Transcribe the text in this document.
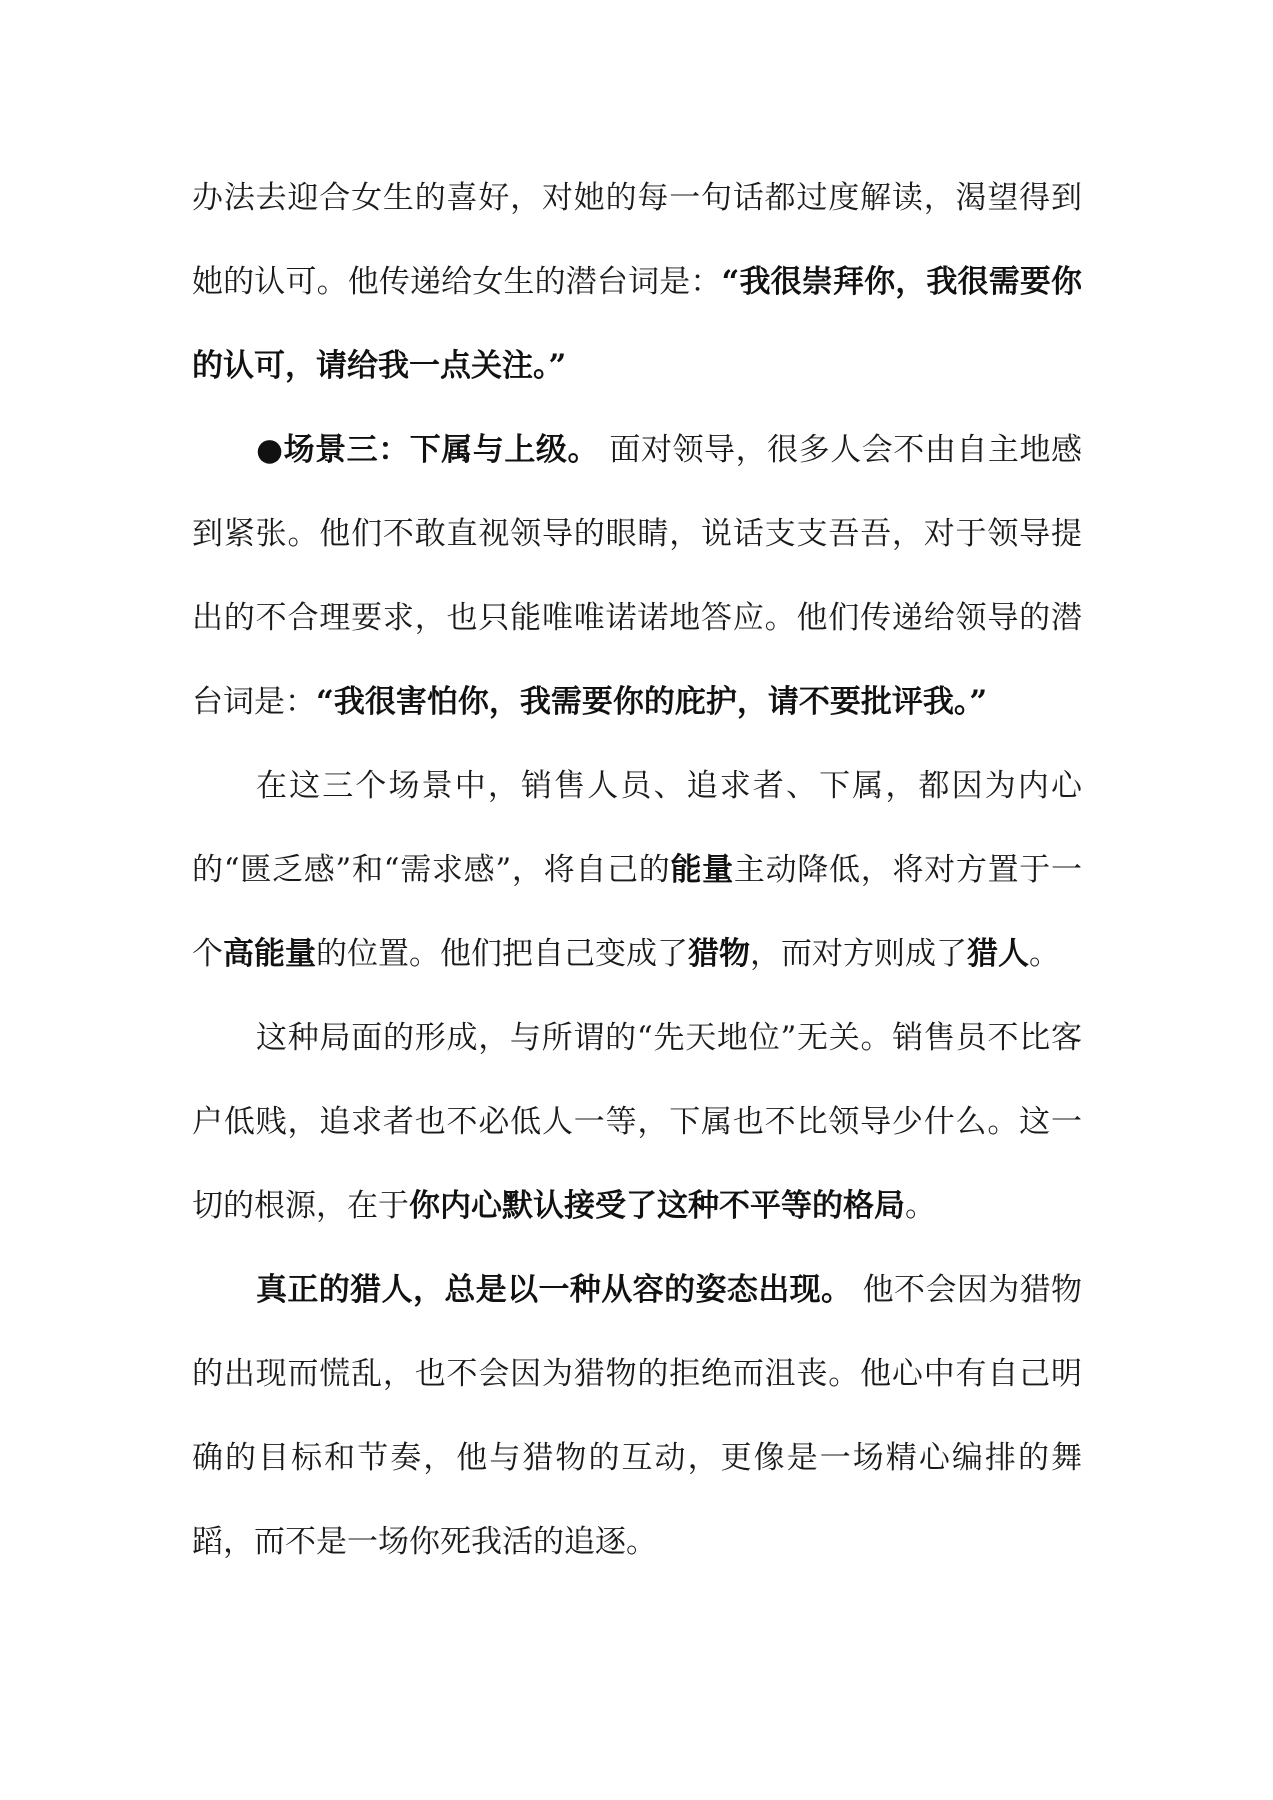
办法去迎合女生的喜好，对她的每一句话都过度解读，渴望得到她的认可。他传递给女生的潜台词是：“我很崇拜你，我很需要你的认可，请给我一点关注。”

●场景三：下属与上级。 面对领导，很多人会不由自主地感到紧张。他们不敢直视领导的眼睛，说话支支吾吾，对于领导提出的不合理要求，也只能唯唯诺诺地答应。他们传递给领导的潜台词是：“我很害怕你，我需要你的庇护，请不要批评我。”

在这三个场景中，销售人员、追求者、下属，都因为内心的“匮乏感”和“需求感”，将自己的能量主动降低，将对方置于一个高能量的位置。他们把自己变成了猎物，而对方则成了猎人。

这种局面的形成，与所谓的“先天地位”无关。销售员不比客户低贱，追求者也不必低人一等，下属也不比领导少什么。这一切的根源，在于你内心默认接受了这种不平等的格局。

真正的猎人，总是以一种从容的姿态出现。 他不会因为猎物的出现而慌乱，也不会因为猎物的拒绝而沮丧。他心中有自己明确的目标和节奏，他与猎物的互动，更像是一场精心编排的舞蹈，而不是一场你死我活的追逐。
